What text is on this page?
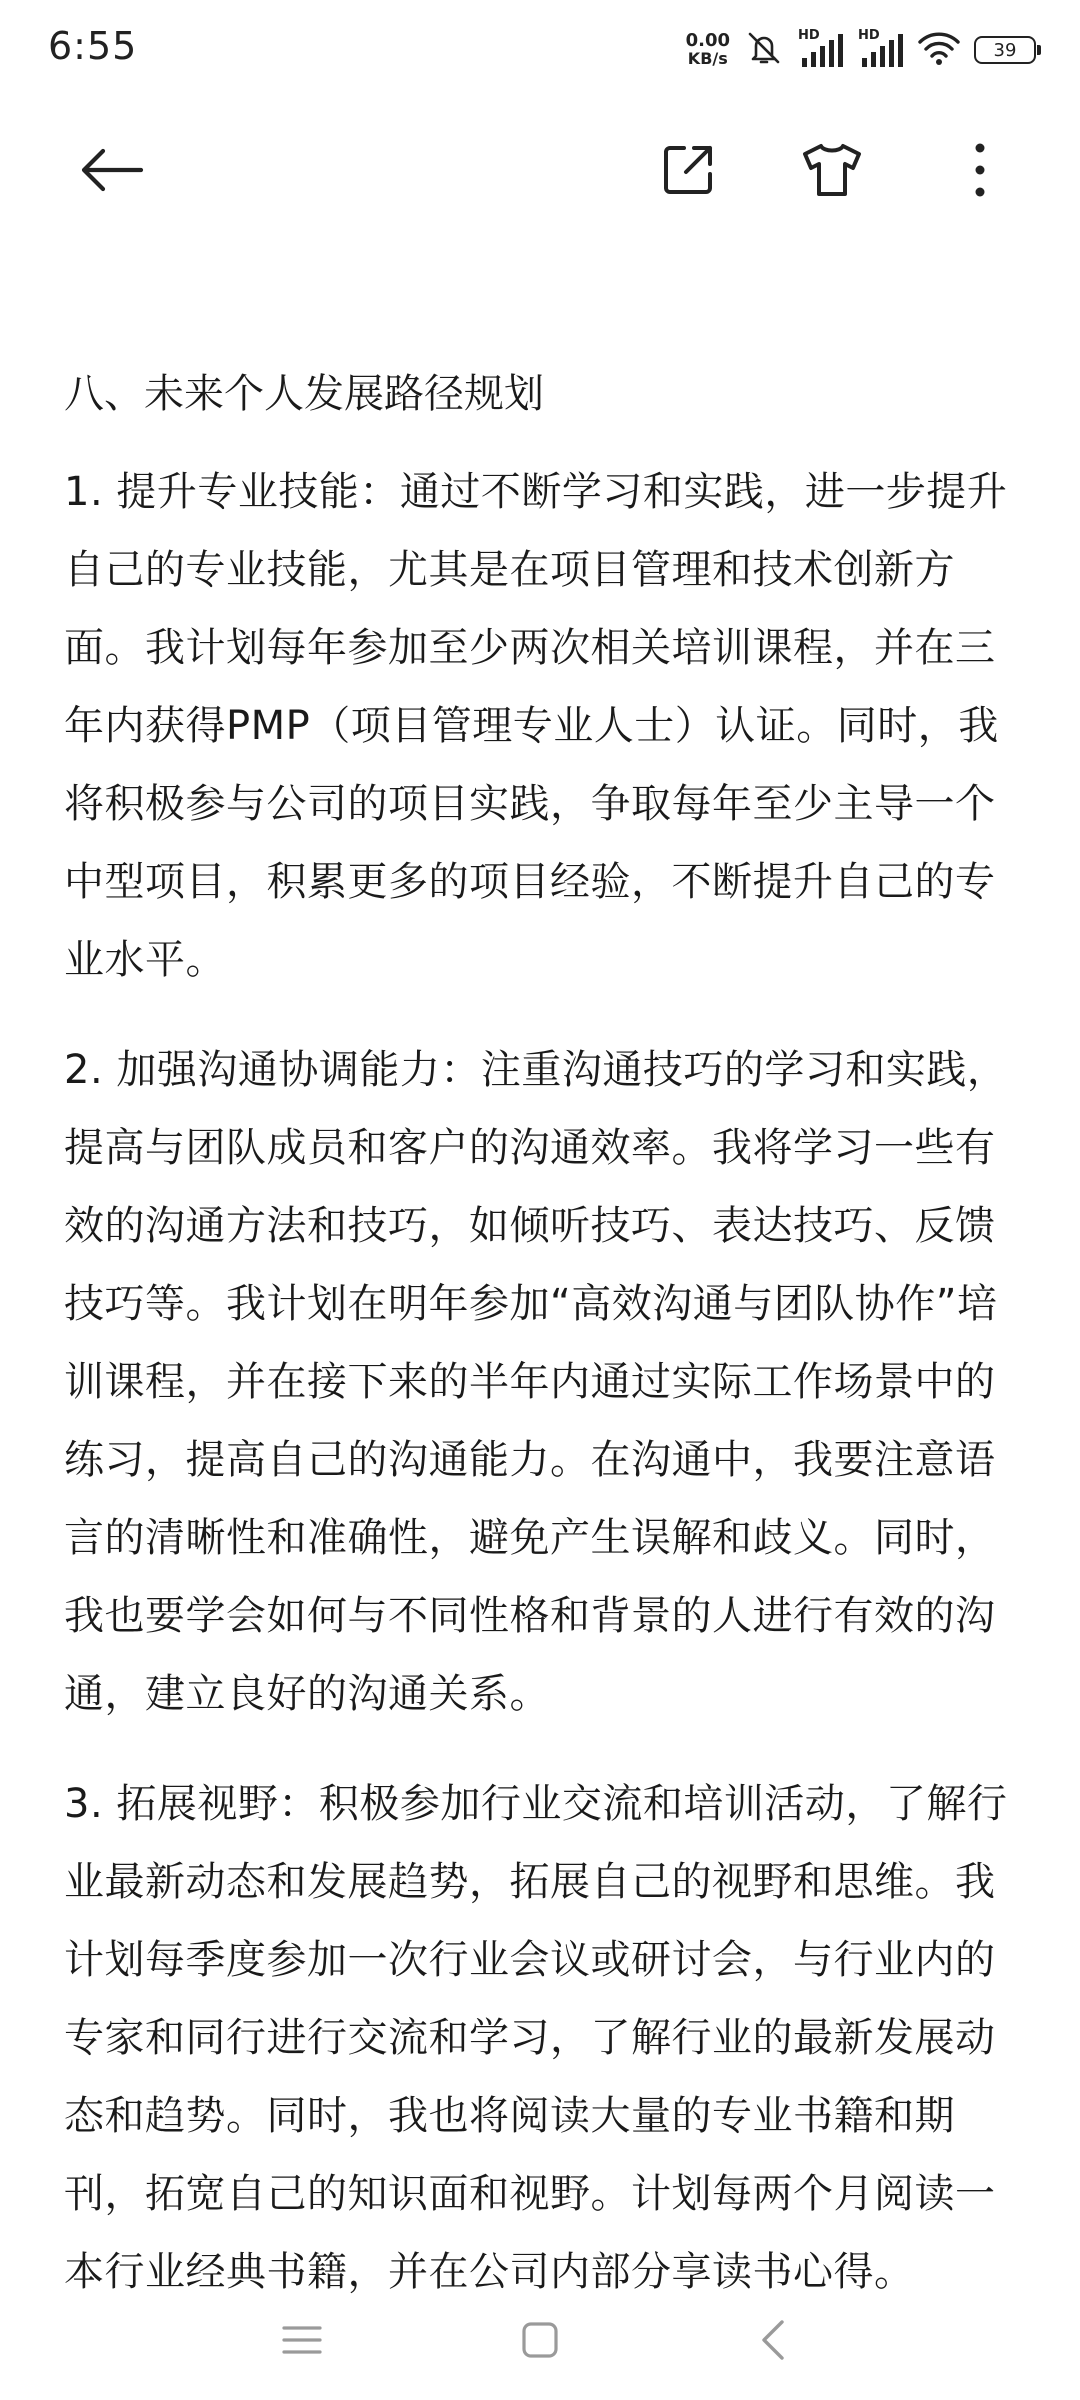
6:55	0.00
KB/s
HD	HD
39
八、未来个人发展路径规划

1. 提升专业技能：通过不断学习和实践，进一步提升自己的专业技能，尤其是在项目管理和技术创新方面。我计划每年参加至少两次相关培训课程，并在三年内获得PMP（项目管理专业人士）认证。同时，我将积极参与公司的项目实践，争取每年至少主导一个中型项目，积累更多的项目经验，不断提升自己的专业水平。

2. 加强沟通协调能力：注重沟通技巧的学习和实践，提高与团队成员和客户的沟通效率。我将学习一些有效的沟通方法和技巧，如倾听技巧、表达技巧、反馈技巧等。我计划在明年参加“高效沟通与团队协作”培训课程，并在接下来的半年内通过实际工作场景中的练习，提高自己的沟通能力。在沟通中，我要注意语言的清晰性和准确性，避免产生误解和歧义。同时，我也要学会如何与不同性格和背景的人进行有效的沟通，建立良好的沟通关系。

3. 拓展视野：积极参加行业交流和培训活动，了解行业最新动态和发展趋势，拓展自己的视野和思维。我计划每季度参加一次行业会议或研讨会，与行业内的专家和同行进行交流和学习，了解行业的最新发展动态和趋势。同时，我也将阅读大量的专业书籍和期刊，拓宽自己的知识面和视野。计划每两个月阅读一本行业经典书籍，并在公司内部分享读书心得。
